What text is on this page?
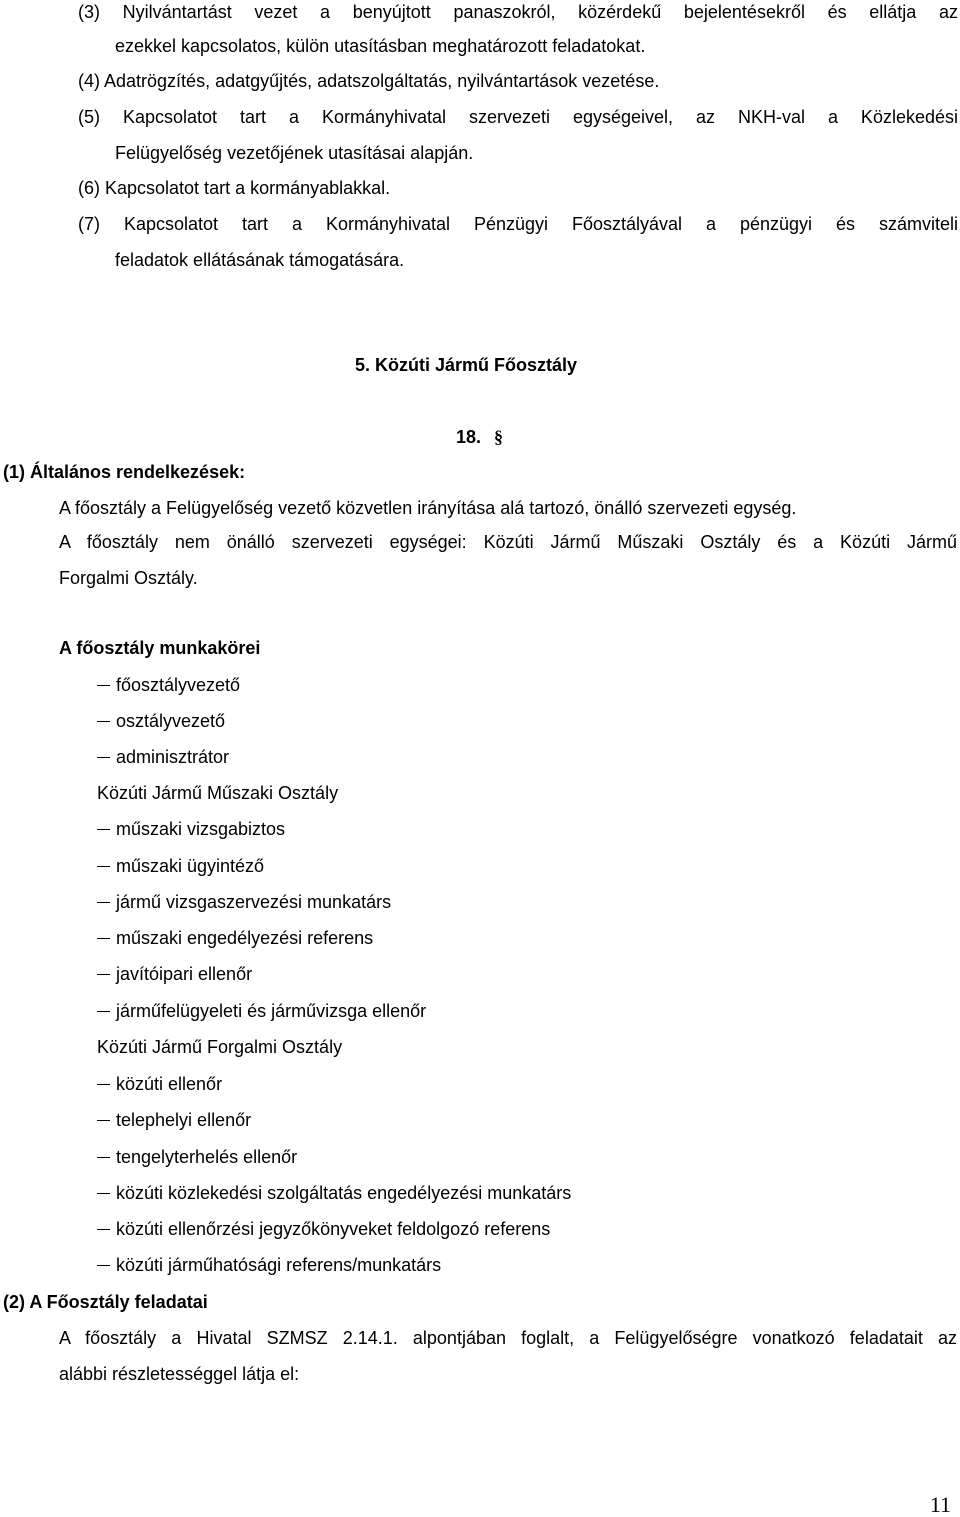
(3) Nyilvántartást vezet a benyújtott panaszokról, közérdekű bejelentésekről és ellátja az
ezekkel kapcsolatos, külön utasításban meghatározott feladatokat.
(4) Adatrögzítés, adatgyűjtés, adatszolgáltatás, nyilvántartások vezetése.
(5) Kapcsolatot tart a Kormányhivatal szervezeti egységeivel, az NKH-val a Közlekedési
Felügyelőség vezetőjének utasításai alapján.
(6) Kapcsolatot tart a kormányablakkal.
(7) Kapcsolatot tart a Kormányhivatal Pénzügyi Főosztályával a pénzügyi és számviteli
feladatok ellátásának támogatására.
5. Közúti Jármű Főosztály
18. §
(1) Általános rendelkezések:
A főosztály a Felügyelőség vezető közvetlen irányítása alá tartozó, önálló szervezeti egység.
A főosztály nem önálló szervezeti egységei: Közúti Jármű Műszaki Osztály és a Közúti Jármű
Forgalmi Osztály.
A főosztály munkakörei
főosztályvezető
osztályvezető
adminisztrátor
Közúti Jármű Műszaki Osztály
műszaki vizsgabiztos
műszaki ügyintéző
jármű vizsgaszervezési munkatárs
műszaki engedélyezési referens
javítóipari ellenőr
járműfelügyeleti és járművizsga ellenőr
Közúti Jármű Forgalmi Osztály
közúti ellenőr
telephelyi ellenőr
tengelyterhelés ellenőr
közúti közlekedési szolgáltatás engedélyezési munkatárs
közúti ellenőrzési jegyzőkönyveket feldolgozó referens
közúti járműhatósági referens/munkatárs
(2) A Főosztály feladatai
A főosztály a Hivatal SZMSZ 2.14.1. alpontjában foglalt, a Felügyelőségre vonatkozó feladatait az
alábbi részletességgel látja el:
11
